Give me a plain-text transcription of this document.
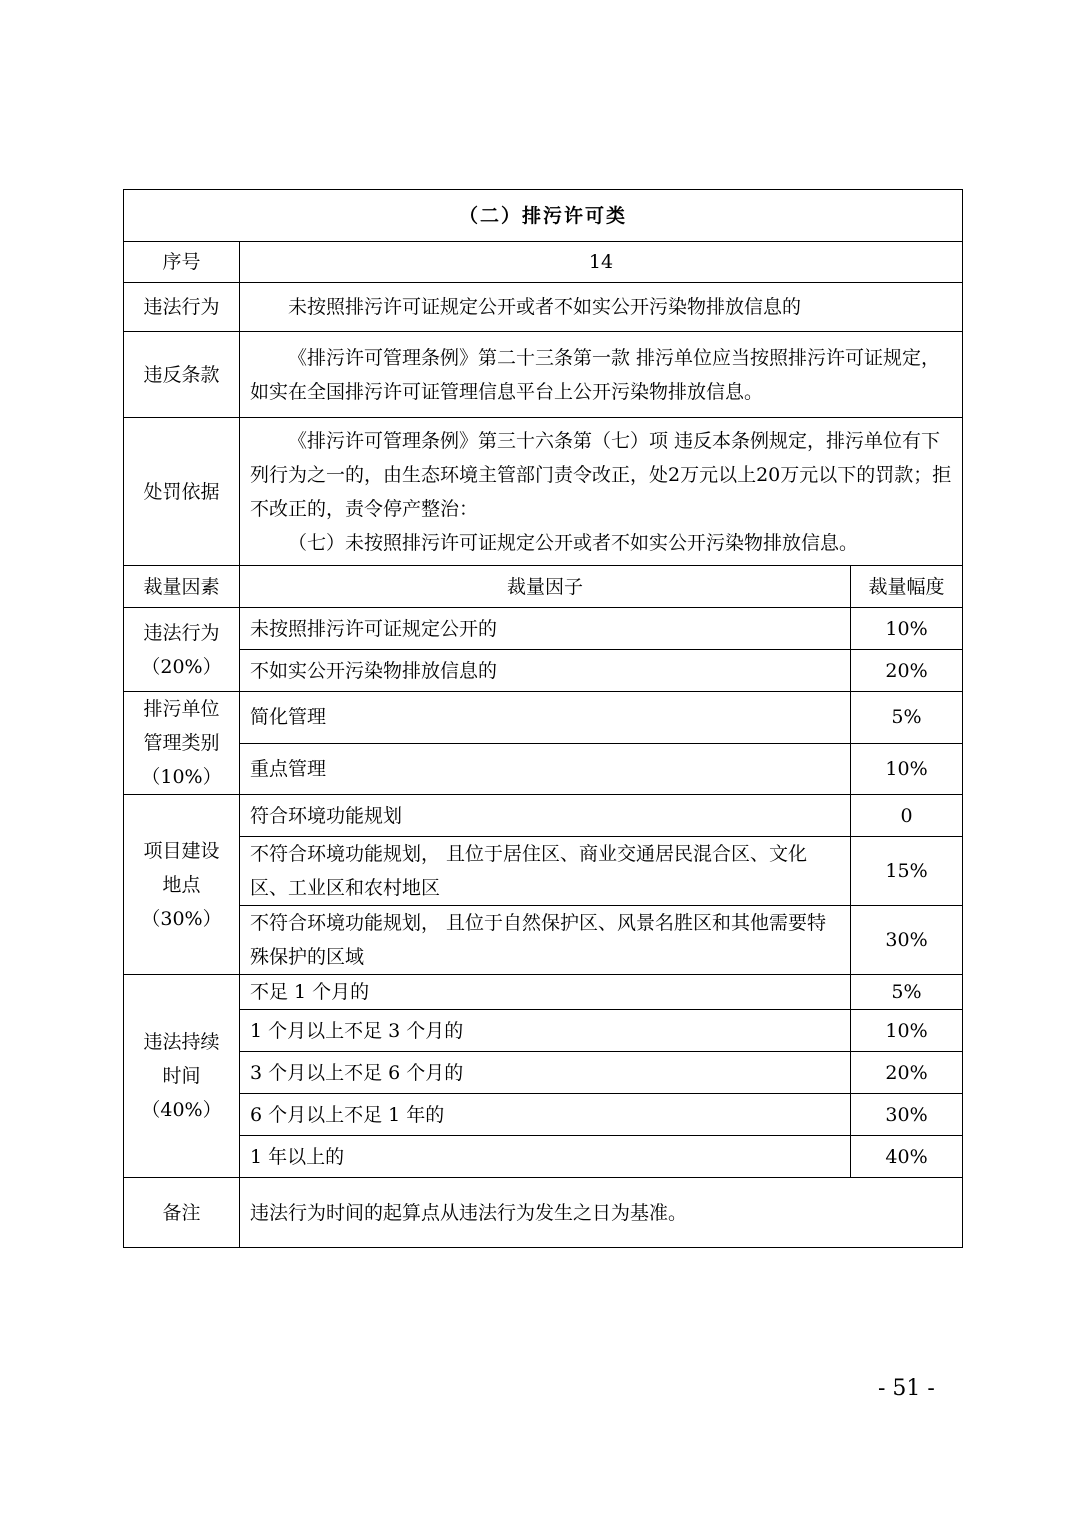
（二）排污许可类		
序号	14	
违法行为	未按照排污许可证规定公开或者不如实公开污染物排放信息的	

违反条款	《排污许可管理条例》第二十三条第一款 排污单位应当按照排污许可证规定，如实在全国排污许可证管理信息平台上公开污染物排放信息。	

处罚依据	《排污许可管理条例》第三十六条第（七）项 违反本条例规定，排污单位有下列行为之一的，由生态环境主管部门责令改正，处2万元以上20万元以下的罚款；拒不改正的，责令停产整治：
（七）未按照排污许可证规定公开或者不如实公开污染物排放信息。	

裁量因素	裁量因子	裁量幅度

违法行为
（20%）	未按照排污许可证规定公开的	10%
	不如实公开污染物排放信息的	20%

排污单位
管理类别
（10%）	简化管理	5%
	重点管理	10%

项目建设
地点
（30%）	符合环境功能规划	0
	不符合环境功能规划， 且位于居住区、商业交通居民混合区、文化区、工业区和农村地区	15%
	不符合环境功能规划， 且位于自然保护区、风景名胜区和其他需要特殊保护的区域	30%

违法持续
时间
（40%）	不足 1 个月的	5%
	1 个月以上不足 3 个月的	10%
	3 个月以上不足 6 个月的	20%
	6 个月以上不足 1 年的	30%
	1 年以上的	40%
备注	违法行为时间的起算点从违法行为发生之日为基准。	
- 51 -
